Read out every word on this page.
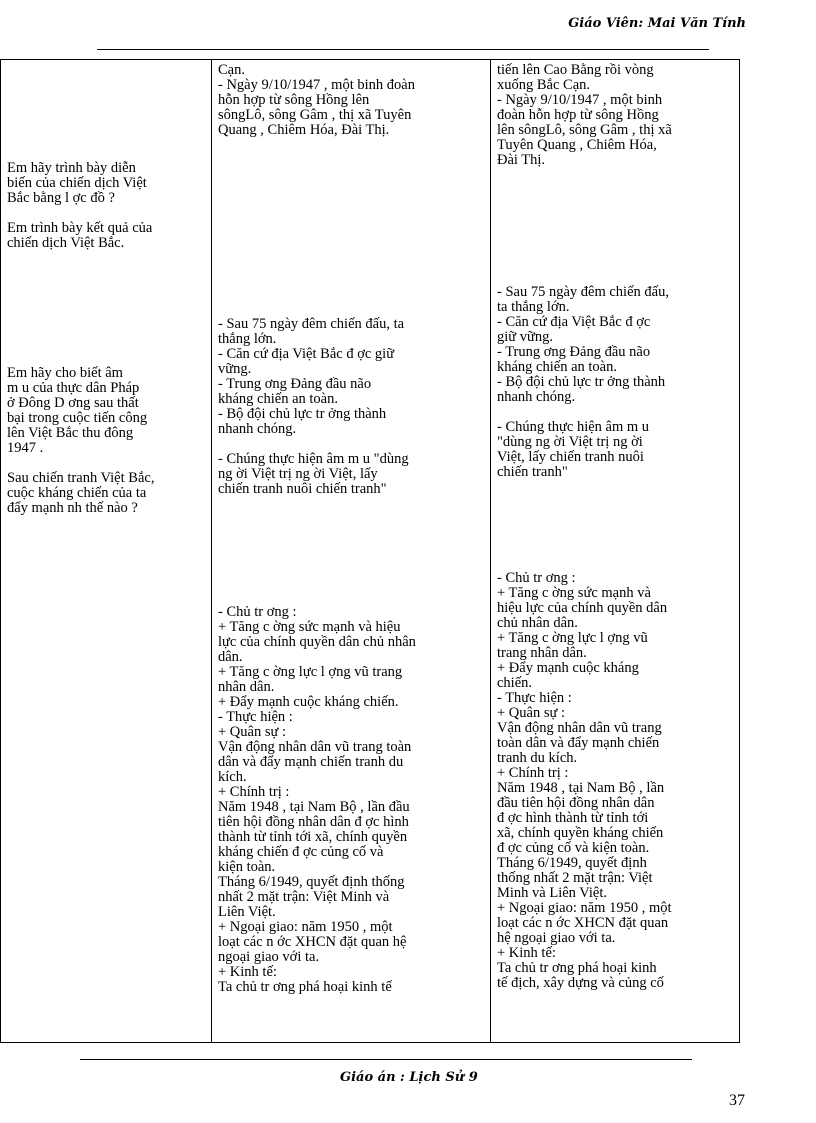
Giáo Viên: Mai Văn Tính
Em hãy trình bày diễn
biến của chiến dịch Việt
Bắc bằng l ợc đồ ?
Em trình bày kết quả của
chiến dịch Việt Bắc.
Em hãy cho biết âm
m u của thực dân Pháp
ở Đông D ơng sau thất
bại trong cuộc tiến công
lên Việt Bắc thu đông
1947 .
Sau chiến tranh Việt Bắc,
cuộc kháng chiến của ta
đẩy mạnh nh thế nào ?
Cạn.
- Ngày 9/10/1947 , một binh đoàn
hỗn hợp từ sông Hồng lên
sôngLô, sông Gâm , thị xã Tuyên
Quang , Chiêm Hóa, Đài Thị.
- Sau 75 ngày đêm chiến đấu, ta
thắng lớn.
- Căn cứ địa Việt Bắc đ ợc giữ
vững.
- Trung ơng Đảng đầu não
kháng chiến an toàn.
- Bộ đội chủ lực tr ởng thành
nhanh chóng.
- Chúng thực hiện âm m u "dùng
ng ời Việt trị ng ời Việt, lấy
chiến tranh nuôi chiến tranh"
- Chủ tr ơng :
+ Tăng c ờng sức mạnh và hiệu
lực của chính quyền dân chủ nhân
dân.
+ Tăng c ờng lực l ợng vũ trang
nhân dân.
+ Đẩy mạnh cuộc kháng chiến.
- Thực hiện :
+ Quân sự :
Vận động nhân dân vũ trang toàn
dân và đẩy mạnh chiến tranh du
kích.
+ Chính trị :
Năm 1948 , tại Nam Bộ , lần đầu
tiên hội đồng nhân dân đ ợc hình
thành từ tỉnh tới xã, chính quyền
kháng chiến đ ợc củng cố và
kiện toàn.
Tháng 6/1949, quyết định thống
nhất 2 mặt trận: Việt Minh và
Liên Việt.
+ Ngoại giao: năm 1950 , một
loạt các n ớc XHCN đặt quan hệ
ngoại giao với ta.
+ Kinh tế:
Ta chủ tr ơng phá hoại kinh tế
tiến lên Cao Bằng rồi vòng
xuống Bắc Cạn.
- Ngày 9/10/1947 , một binh
đoàn hỗn hợp từ sông Hồng
lên sôngLô, sông Gâm , thị xã
Tuyên Quang , Chiêm Hóa,
Đài Thị.
- Sau 75 ngày đêm chiến đấu,
ta thắng lớn.
- Căn cứ địa Việt Bắc đ ợc
giữ vững.
- Trung ơng Đảng đầu não
kháng chiến an toàn.
- Bộ đội chủ lực tr ởng thành
nhanh chóng.
- Chúng thực hiện âm m u
"dùng ng ời Việt trị ng ời
Việt, lấy chiến tranh nuôi
chiến tranh"
- Chủ tr ơng :
+ Tăng c ờng sức mạnh và
hiệu lực của chính quyền dân
chủ nhân dân.
+ Tăng c ờng lực l ợng vũ
trang nhân dân.
+ Đẩy mạnh cuộc kháng
chiến.
- Thực hiện :
+ Quân sự :
Vận động nhân dân vũ trang
toàn dân và đẩy mạnh chiến
tranh du kích.
+ Chính trị :
Năm 1948 , tại Nam Bộ , lần
đầu tiên hội đồng nhân dân
đ ợc hình thành từ tỉnh tới
xã, chính quyền kháng chiến
đ ợc củng cố và kiện toàn.
Tháng 6/1949, quyết định
thống nhất 2 mặt trận: Việt
Minh và Liên Việt.
+ Ngoại giao: năm 1950 , một
loạt các n ớc XHCN đặt quan
hệ ngoại giao với ta.
+ Kinh tế:
Ta chủ tr ơng phá hoại kinh
tế địch, xây dựng và củng cố
Giáo án : Lịch Sử 9
37
